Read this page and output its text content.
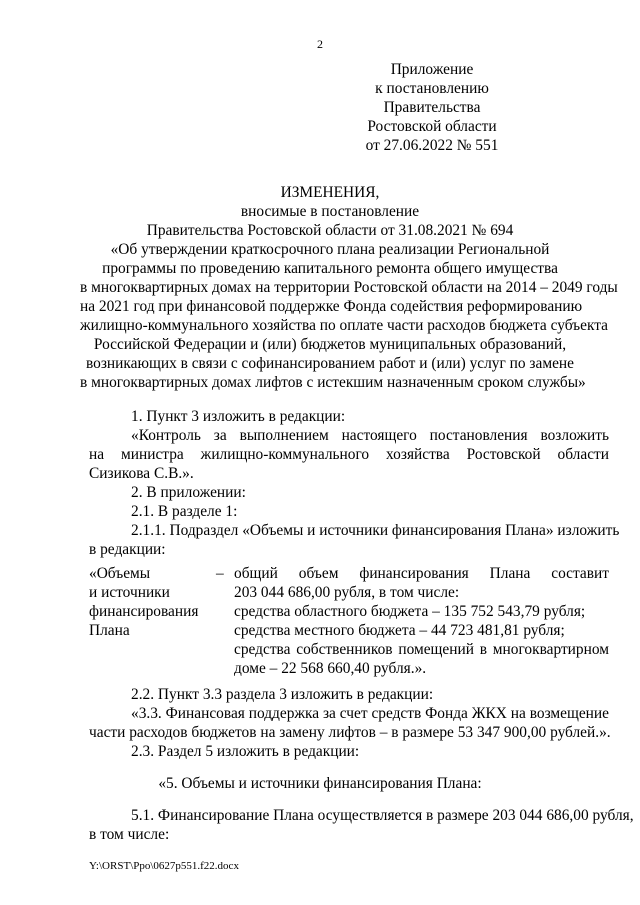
2
Приложение
к постановлению
Правительства
Ростовской области
от 27.06.2022 № 551
ИЗМЕНЕНИЯ,
вносимые в постановление
Правительства Ростовской области от 31.08.2021 № 694
«Об утверждении краткосрочного плана реализации Региональной
программы по проведению капитального ремонта общего имущества
в многоквартирных домах на территории Ростовской области на 2014 – 2049 годы
на 2021 год при финансовой поддержке Фонда содействия реформированию
жилищно-коммунального хозяйства по оплате части расходов бюджета субъекта
Российской Федерации и (или) бюджетов муниципальных образований,
возникающих в связи с софинансированием работ и (или) услуг по замене
в многоквартирных домах лифтов с истекшим назначенным сроком службы»
1. Пункт 3 изложить в редакции:
«Контроль за выполнением настоящего постановления возложить
на министра жилищно-коммунального хозяйства Ростовской области
Сизикова С.В.».
2. В приложении:
2.1. В разделе 1:
2.1.1. Подраздел «Объемы и источники финансирования Плана» изложить
в редакции:
«Объемы
и источники
финансирования
Плана
– общий объем финансирования Плана составит
203 044 686,00 рубля, в том числе:
средства областного бюджета – 135 752 543,79 рубля;
средства местного бюджета – 44 723 481,81 рубля;
средства собственников помещений в многоквартирном
доме – 22 568 660,40 рубля.».
2.2. Пункт 3.3 раздела 3 изложить в редакции:
«3.3. Финансовая поддержка за счет средств Фонда ЖКХ на возмещение
части расходов бюджетов на замену лифтов – в размере 53 347 900,00 рублей.».
2.3. Раздел 5 изложить в редакции:
«5. Объемы и источники финансирования Плана:
5.1. Финансирование Плана осуществляется в размере 203 044 686,00 рубля,
в том числе:
Y:\ORST\Ppo\0627p551.f22.docx
